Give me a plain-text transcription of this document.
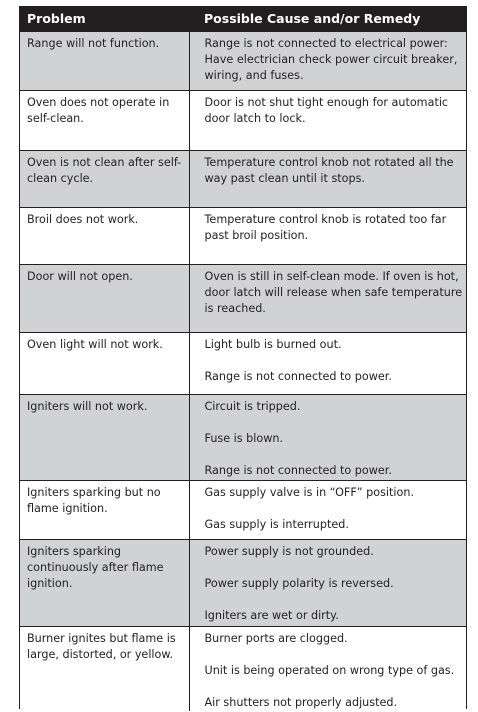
Problem	Possible Cause and/or Remedy

Range will not function.	Range is not connected to electrical power: Have electrician check power circuit breaker, wiring, and fuses.

Oven does not operate in self-clean.	Door is not shut tight enough for automatic door latch to lock.

Oven is not clean after self-clean cycle.	Temperature control knob not rotated all the way past clean until it stops.

Broil does not work.	Temperature control knob is rotated too far past broil position.

Door will not open.	Oven is still in self-clean mode. If oven is hot, door latch will release when safe temperature is reached.

Oven light will not work.	Light bulb is burned out.

Range is not connected to power.

Igniters will not work.	Circuit is tripped.

Fuse is blown.

Range is not connected to power.

Igniters sparking but no flame ignition.	Gas supply valve is in “OFF” position.

Gas supply is interrupted.

Igniters sparking continuously after flame ignition.	Power supply is not grounded.

Power supply polarity is reversed.

Igniters are wet or dirty.

Burner ignites but flame is large, distorted, or yellow.	Burner ports are clogged.

Unit is being operated on wrong type of gas.

Air shutters not properly adjusted.
